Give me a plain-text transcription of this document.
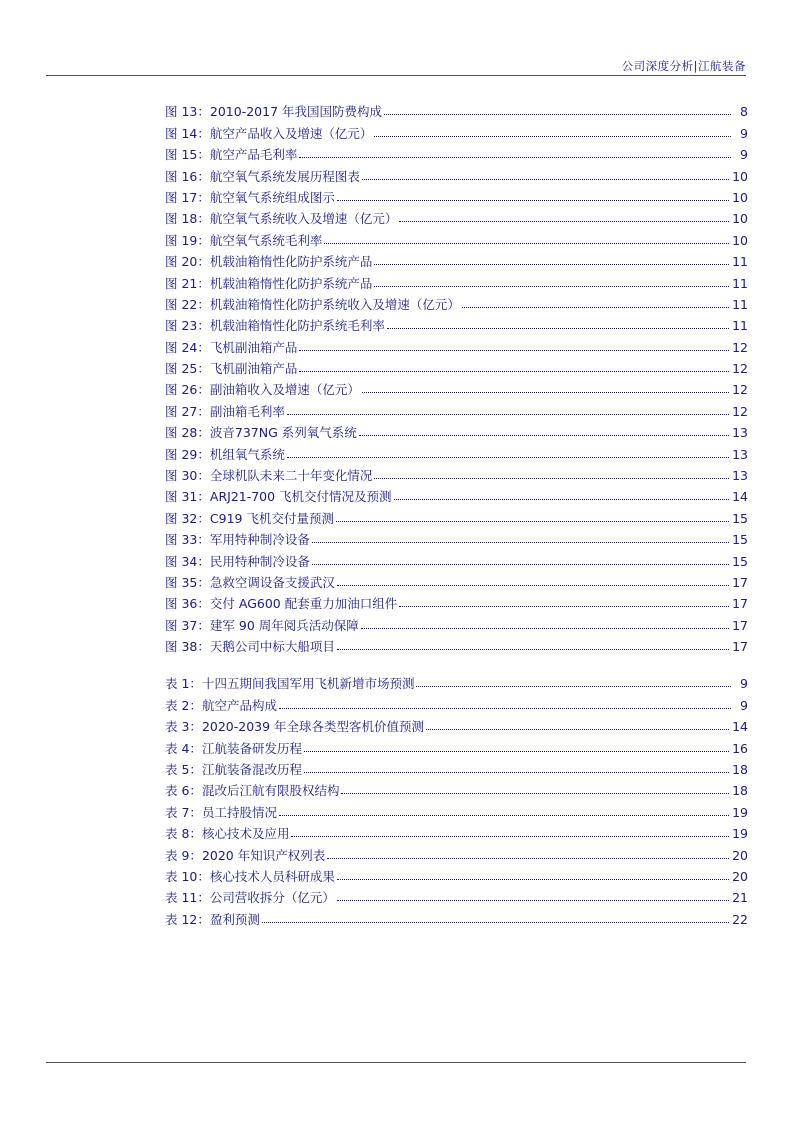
公司深度分析|江航装备
图 13： 2010-2017 年我国国防费构成	8
图 14： 航空产品收入及增速（亿元）	9
图 15： 航空产品毛利率	9
图 16： 航空氧气系统发展历程图表	10
图 17： 航空氧气系统组成图示	10
图 18： 航空氧气系统收入及增速（亿元）	10
图 19： 航空氧气系统毛利率	10
图 20： 机载油箱惰性化防护系统产品	11
图 21： 机载油箱惰性化防护系统产品	11
图 22： 机载油箱惰性化防护系统收入及增速（亿元）	11
图 23： 机载油箱惰性化防护系统毛利率	11
图 24： 飞机副油箱产品	12
图 25： 飞机副油箱产品	12
图 26： 副油箱收入及增速（亿元）	12
图 27： 副油箱毛利率	12
图 28： 波音737NG 系列氧气系统	13
图 29： 机组氧气系统	13
图 30： 全球机队未来二十年变化情况	13
图 31： ARJ21-700 飞机交付情况及预测	14
图 32： C919 飞机交付量预测	15
图 33： 军用特种制冷设备	15
图 34： 民用特种制冷设备	15
图 35： 急救空调设备支援武汉	17
图 36： 交付 AG600 配套重力加油口组件	17
图 37： 建军 90 周年阅兵活动保障	17
图 38： 天鹅公司中标大船项目	17
表 1： 十四五期间我国军用飞机新增市场预测	9
表 2： 航空产品构成	9
表 3： 2020-2039 年全球各类型客机价值预测	14
表 4： 江航装备研发历程	16
表 5： 江航装备混改历程	18
表 6： 混改后江航有限股权结构	18
表 7： 员工持股情况	19
表 8： 核心技术及应用	19
表 9： 2020 年知识产权列表	20
表 10： 核心技术人员科研成果	20
表 11： 公司营收拆分（亿元）	21
表 12： 盈利预测	22
